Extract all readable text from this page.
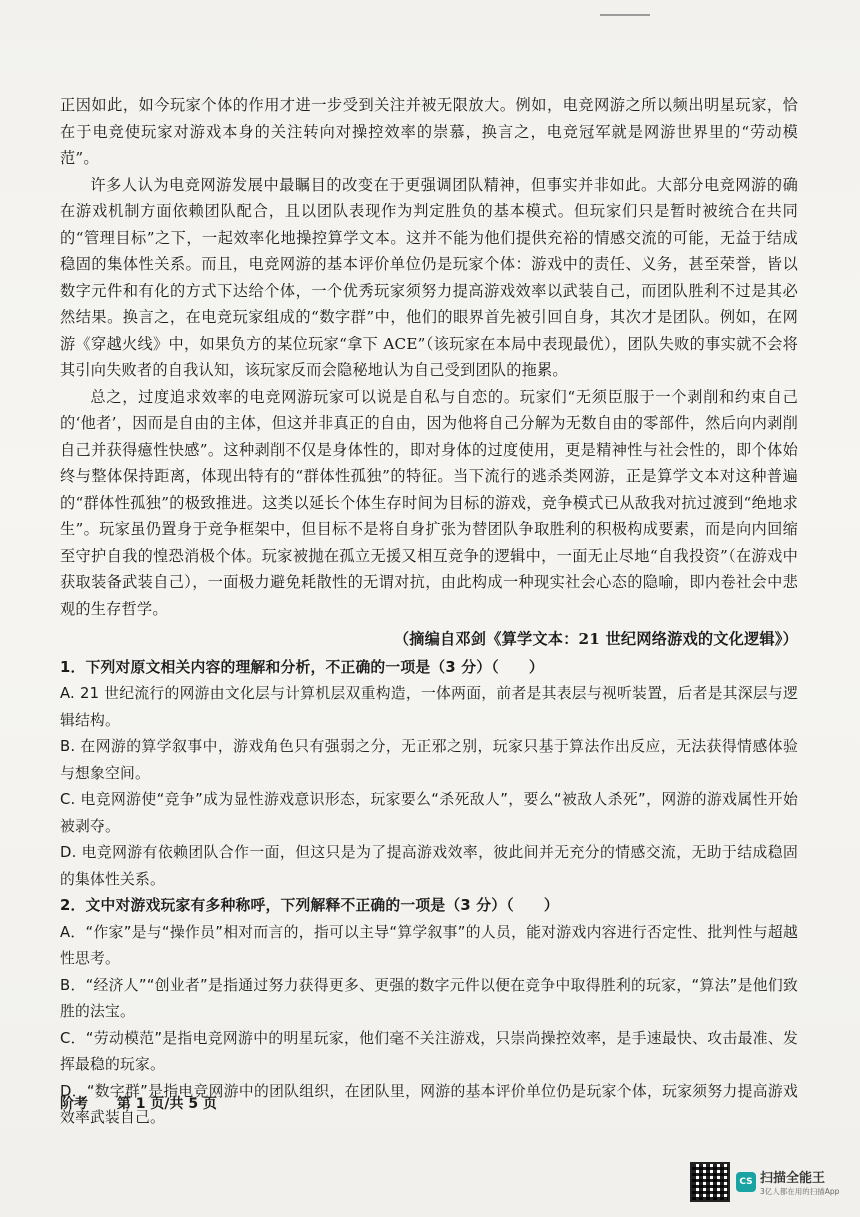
正因如此，如今玩家个体的作用才进一步受到关注并被无限放大。例如，电竞网游之所以频出明星玩家，恰在于电竞使玩家对游戏本身的关注转向对操控效率的崇慕，换言之，电竞冠军就是网游世界里的“劳动模范”。

许多人认为电竞网游发展中最瞩目的改变在于更强调团队精神，但事实并非如此。大部分电竞网游的确在游戏机制方面依赖团队配合，且以团队表现作为判定胜负的基本模式。但玩家们只是暂时被统合在共同的“管理目标”之下，一起效率化地操控算学文本。这并不能为他们提供充裕的情感交流的可能，无益于结成稳固的集体性关系。而且，电竞网游的基本评价单位仍是玩家个体：游戏中的责任、义务，甚至荣誉，皆以数字元件和有化的方式下达给个体，一个优秀玩家须努力提高游戏效率以武装自己，而团队胜利不过是其必然结果。换言之，在电竞玩家组成的“数字群”中，他们的眼界首先被引回自身，其次才是团队。例如，在网游《穿越火线》中，如果负方的某位玩家“拿下 ACE”（该玩家在本局中表现最优），团队失败的事实就不会将其引向失败者的自我认知，该玩家反而会隐秘地认为自己受到团队的拖累。

总之，过度追求效率的电竞网游玩家可以说是自私与自恋的。玩家们“无须臣服于一个剥削和约束自己的‘他者’，因而是自由的主体，但这并非真正的自由，因为他将自己分解为无数自由的零部件，然后向内剥削自己并获得癔性快感”。这种剥削不仅是身体性的，即对身体的过度使用，更是精神性与社会性的，即个体始终与整体保持距离，体现出特有的“群体性孤独”的特征。当下流行的逃杀类网游，正是算学文本对这种普遍的“群体性孤独”的极致推进。这类以延长个体生存时间为目标的游戏，竞争模式已从敌我对抗过渡到“绝地求生”。玩家虽仍置身于竞争框架中，但目标不是将自身扩张为替团队争取胜利的积极构成要素，而是向内回缩至守护自我的惶恐消极个体。玩家被抛在孤立无援又相互竞争的逻辑中，一面无止尽地“自我投资”（在游戏中获取装备武装自己），一面极力避免耗散性的无谓对抗，由此构成一种现实社会心态的隐喻，即内卷社会中悲观的生存哲学。

（摘编自邓剑《算学文本：21 世纪网络游戏的文化逻辑》）

1．下列对原文相关内容的理解和分析，不正确的一项是（3 分）（　　）

A. 21 世纪流行的网游由文化层与计算机层双重构造，一体两面，前者是其表层与视听装置，后者是其深层与逻辑结构。

B. 在网游的算学叙事中，游戏角色只有强弱之分，无正邪之别，玩家只基于算法作出反应，无法获得情感体验与想象空间。

C. 电竞网游使“竞争”成为显性游戏意识形态，玩家要么“杀死敌人”，要么“被敌人杀死”，网游的游戏属性开始被剥夺。

D. 电竞网游有依赖团队合作一面，但这只是为了提高游戏效率，彼此间并无充分的情感交流，无助于结成稳固的集体性关系。

2．文中对游戏玩家有多种称呼，下列解释不正确的一项是（3 分）（　　）

A．“作家”是与“操作员”相对而言的，指可以主导“算学叙事”的人员，能对游戏内容进行否定性、批判性与超越性思考。

B．“经济人”“创业者”是指通过努力获得更多、更强的数字元件以便在竞争中取得胜利的玩家，“算法”是他们致胜的法宝。

C．“劳动模范”是指电竞网游中的明星玩家，他们毫不关注游戏，只崇尚操控效率，是手速最快、攻击最准、发挥最稳的玩家。

D．“数字群”是指电竞网游中的团队组织，在团队里，网游的基本评价单位仍是玩家个体，玩家须努力提高游戏效率武装自己。

阶考 第 1 页/共 5 页
CS 扫描全能王
3亿人都在用的扫描App
